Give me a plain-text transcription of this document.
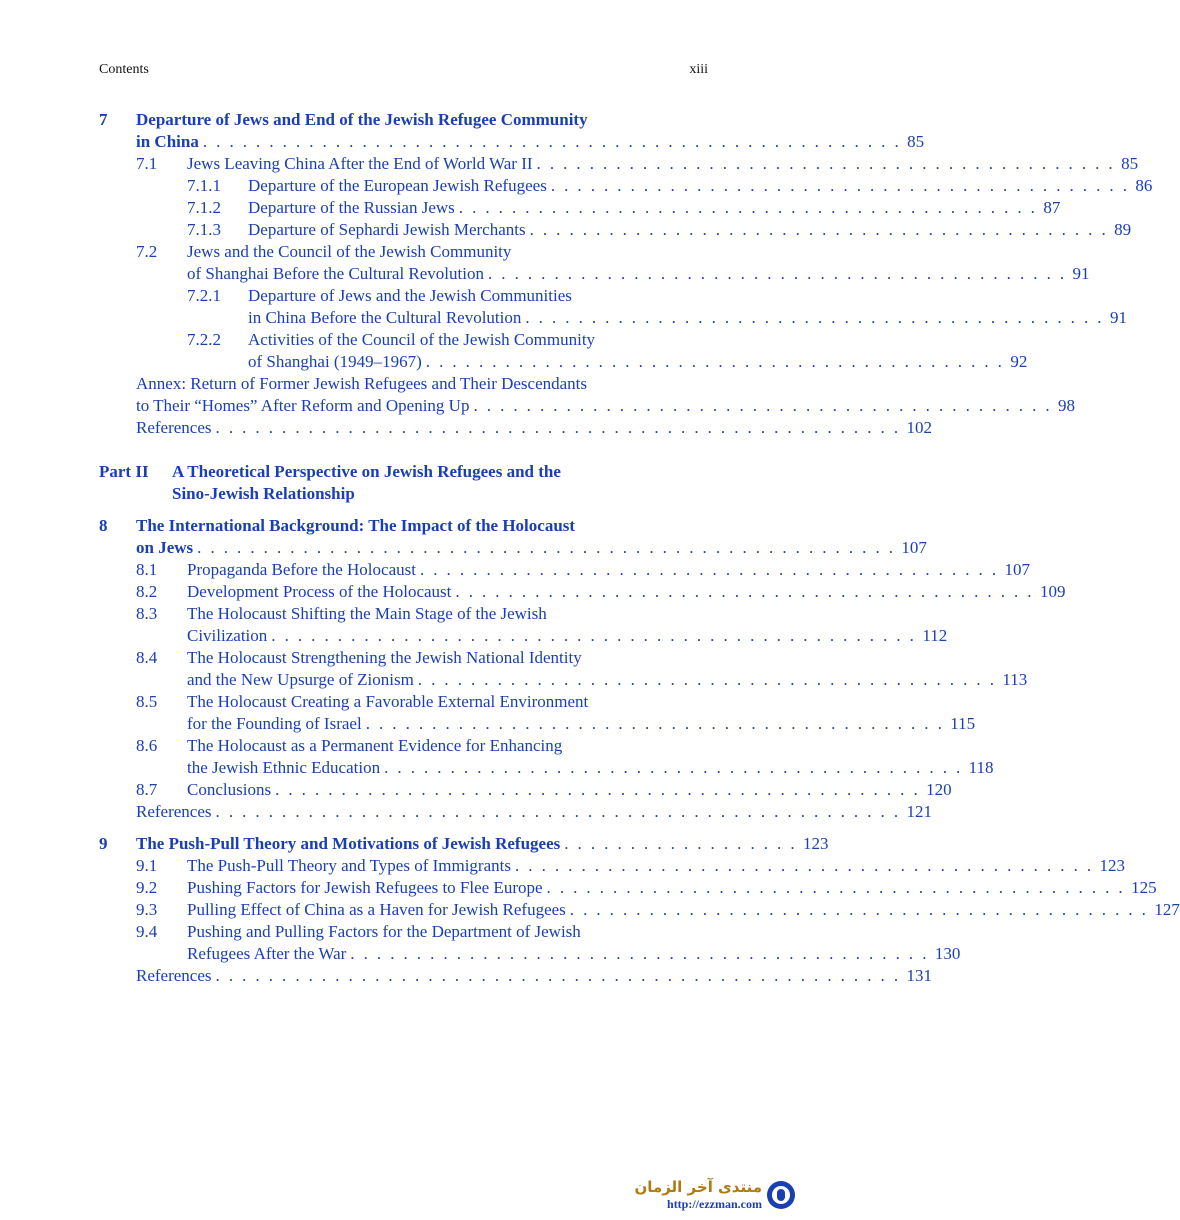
Contents	xiii
7 Departure of Jews and End of the Jewish Refugee Community
in China . . . . . . . . . . . . . . . . . . . . . . . . . . . . . . . . . . . . . . . . . . . . . . . . . . . . . 85
7.1 Jews Leaving China After the End of World War II . . . . . . . . . . . . . . . . . . . . . . . . . . . . . . . . . . . . . . . . . . . . 85
7.1.1 Departure of the European Jewish Refugees . . . . . . . . . . . . . . . . . . . . . . . . . . . . . . . . . . . . . . . . . . . . 86
7.1.2 Departure of the Russian Jews . . . . . . . . . . . . . . . . . . . . . . . . . . . . . . . . . . . . . . . . . . . . 87
7.1.3 Departure of Sephardi Jewish Merchants . . . . . . . . . . . . . . . . . . . . . . . . . . . . . . . . . . . . . . . . . . . . 89
7.2 Jews and the Council of the Jewish Community
of Shanghai Before the Cultural Revolution . . . . . . . . . . . . . . . . . . . . . . . . . . . . . . . . . . . . . . . . . . . . 91
7.2.1 Departure of Jews and the Jewish Communities
in China Before the Cultural Revolution . . . . . . . . . . . . . . . . . . . . . . . . . . . . . . . . . . . . . . . . . . . . 91
7.2.2 Activities of the Council of the Jewish Community
of Shanghai (1949–1967) . . . . . . . . . . . . . . . . . . . . . . . . . . . . . . . . . . . . . . . . . . . . 92
Annex: Return of Former Jewish Refugees and Their Descendants
to Their “Homes” After Reform and Opening Up . . . . . . . . . . . . . . . . . . . . . . . . . . . . . . . . . . . . . . . . . . . . 98
References . . . . . . . . . . . . . . . . . . . . . . . . . . . . . . . . . . . . . . . . . . . . . . . . . . . . 102
Part II A Theoretical Perspective on Jewish Refugees and the
Sino-Jewish Relationship
8 The International Background: The Impact of the Holocaust
on Jews . . . . . . . . . . . . . . . . . . . . . . . . . . . . . . . . . . . . . . . . . . . . . . . . . . . . . 107
8.1 Propaganda Before the Holocaust . . . . . . . . . . . . . . . . . . . . . . . . . . . . . . . . . . . . . . . . . . . . 107
8.2 Development Process of the Holocaust . . . . . . . . . . . . . . . . . . . . . . . . . . . . . . . . . . . . . . . . . . . . 109
8.3 The Holocaust Shifting the Main Stage of the Jewish
Civilization . . . . . . . . . . . . . . . . . . . . . . . . . . . . . . . . . . . . . . . . . . . . . . . . . 112
8.4 The Holocaust Strengthening the Jewish National Identity
and the New Upsurge of Zionism . . . . . . . . . . . . . . . . . . . . . . . . . . . . . . . . . . . . . . . . . . . . 113
8.5 The Holocaust Creating a Favorable External Environment
for the Founding of Israel . . . . . . . . . . . . . . . . . . . . . . . . . . . . . . . . . . . . . . . . . . . . 115
8.6 The Holocaust as a Permanent Evidence for Enhancing
the Jewish Ethnic Education . . . . . . . . . . . . . . . . . . . . . . . . . . . . . . . . . . . . . . . . . . . . 118
8.7 Conclusions . . . . . . . . . . . . . . . . . . . . . . . . . . . . . . . . . . . . . . . . . . . . . . . . . 120
References . . . . . . . . . . . . . . . . . . . . . . . . . . . . . . . . . . . . . . . . . . . . . . . . . . . . 121
9 The Push-Pull Theory and Motivations of Jewish Refugees . . . . . . . . . . . . . . . . . . 123
9.1 The Push-Pull Theory and Types of Immigrants . . . . . . . . . . . . . . . . . . . . . . . . . . . . . . . . . . . . . . . . . . . . 123
9.2 Pushing Factors for Jewish Refugees to Flee Europe . . . . . . . . . . . . . . . . . . . . . . . . . . . . . . . . . . . . . . . . . . . . 125
9.3 Pulling Effect of China as a Haven for Jewish Refugees . . . . . . . . . . . . . . . . . . . . . . . . . . . . . . . . . . . . . . . . . . . . 127
9.4 Pushing and Pulling Factors for the Department of Jewish
Refugees After the War . . . . . . . . . . . . . . . . . . . . . . . . . . . . . . . . . . . . . . . . . . . . 130
References . . . . . . . . . . . . . . . . . . . . . . . . . . . . . . . . . . . . . . . . . . . . . . . . . . . . 131
منتدى آخر الزمان
http://ezzman.com
